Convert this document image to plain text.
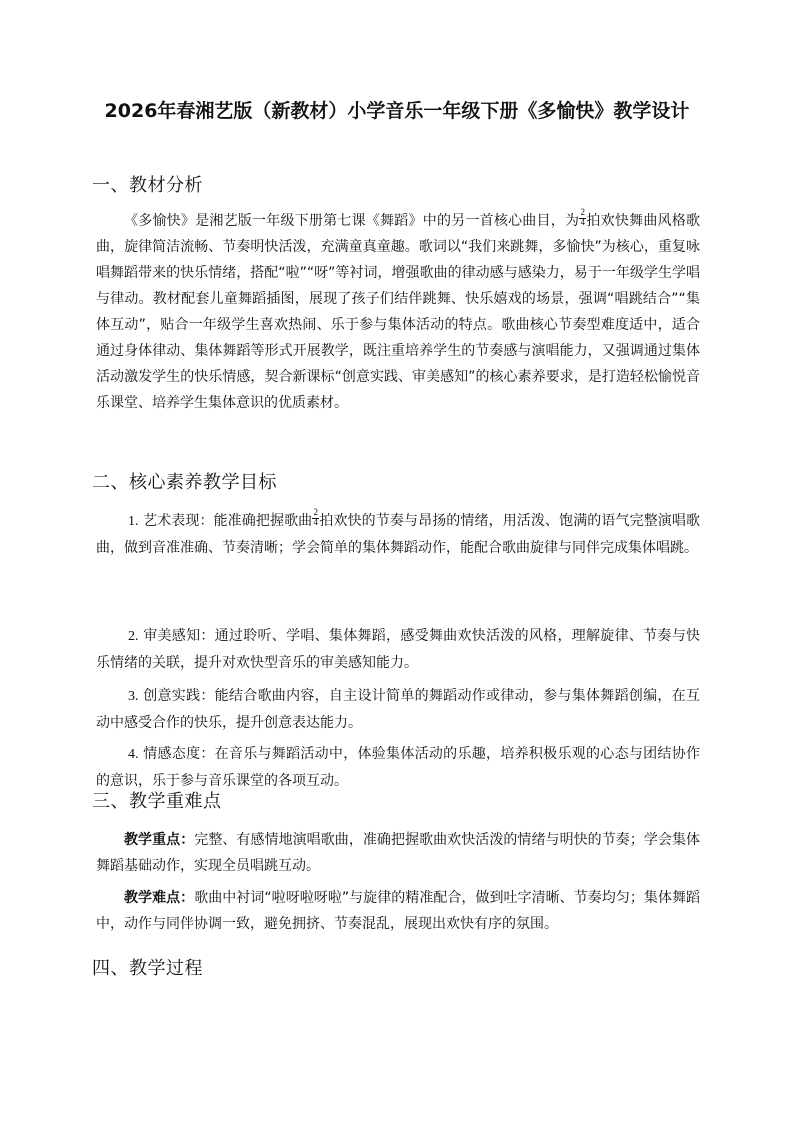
2026年春湘艺版（新教材）小学音乐一年级下册《多愉快》教学设计
一、教材分析

《多愉快》是湘艺版一年级下册第七课《舞蹈》中的另一首核心曲目，为 $\frac{2}{4}$ 拍欢快舞曲风格歌曲，旋律简洁流畅、节奏明快活泼，充满童真童趣。歌词以“我们来跳舞，多愉快”为核心，重复咏唱舞蹈带来的快乐情绪，搭配“啦”“呀”等衬词，增强歌曲的律动感与感染力，易于一年级学生学唱与律动。教材配套儿童舞蹈插图，展现了孩子们结伴跳舞、快乐嬉戏的场景，强调“唱跳结合”“集体互动”，贴合一年级学生喜欢热闹、乐于参与集体活动的特点。歌曲核心节奏型难度适中，适合通过身体律动、集体舞蹈等形式开展教学，既注重培养学生的节奏感与演唱能力，又强调通过集体活动激发学生的快乐情感，契合新课标“创意实践、审美感知”的核心素养要求，是打造轻松愉悦音乐课堂、培养学生集体意识的优质素材。

二、核心素养教学目标

1. 艺术表现：能准确把握歌曲 $\frac{2}{4}$ 拍欢快的节奏与昂扬的情绪，用活泼、饱满的语气完整演唱歌曲，做到音准准确、节奏清晰；学会简单的集体舞蹈动作，能配合歌曲旋律与同伴完成集体唱跳。

2. 审美感知：通过聆听、学唱、集体舞蹈，感受舞曲欢快活泼的风格，理解旋律、节奏与快乐情绪的关联，提升对欢快型音乐的审美感知能力。

3. 创意实践：能结合歌曲内容，自主设计简单的舞蹈动作或律动，参与集体舞蹈创编，在互动中感受合作的快乐，提升创意表达能力。

4. 情感态度：在音乐与舞蹈活动中，体验集体活动的乐趣，培养积极乐观的心态与团结协作的意识，乐于参与音乐课堂的各项互动。

三、教学重难点

教学重点：完整、有感情地演唱歌曲，准确把握歌曲欢快活泼的情绪与明快的节奏；学会集体舞蹈基础动作，实现全员唱跳互动。

教学难点：歌曲中衬词“啦呀啦呀啦”与旋律的精准配合，做到吐字清晰、节奏均匀；集体舞蹈中，动作与同伴协调一致，避免拥挤、节奏混乱，展现出欢快有序的氛围。

四、教学过程
